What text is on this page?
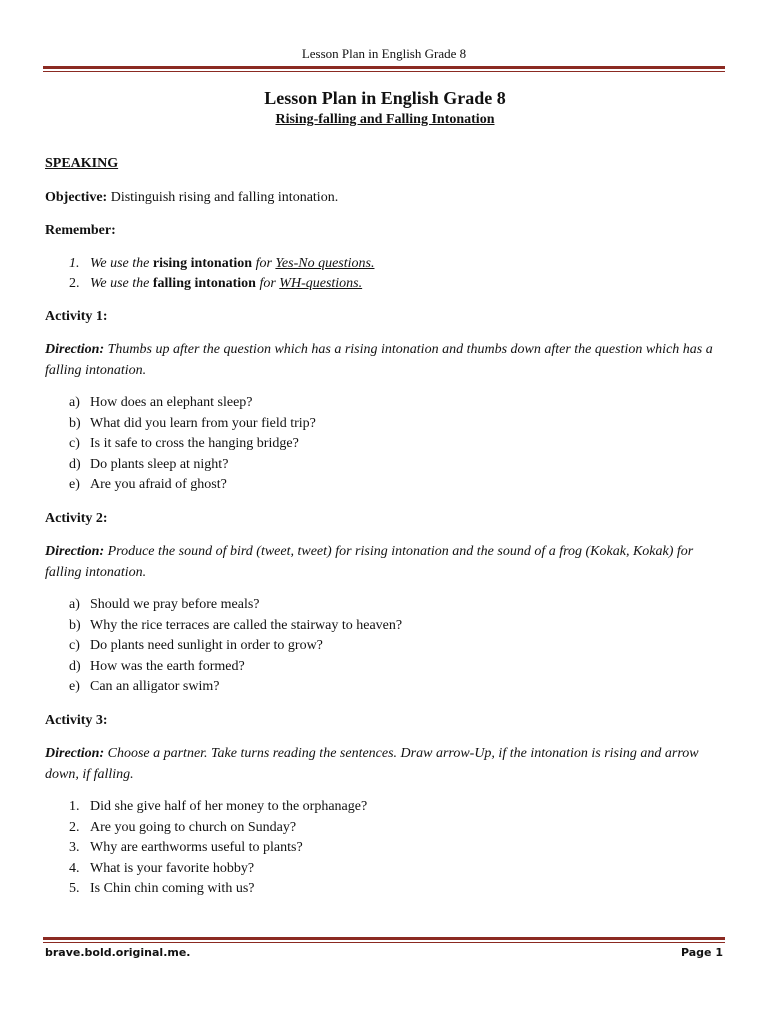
Lesson Plan in English Grade 8
Lesson Plan in English Grade 8
Rising-falling and Falling Intonation

SPEAKING

Objective: Distinguish rising and falling intonation.

Remember:

1. We use the rising intonation for Yes-No questions.
2. We use the falling intonation for WH-questions.

Activity 1:

Direction: Thumbs up after the question which has a rising intonation and thumbs down after the question which has a falling intonation.

a) How does an elephant sleep?
b) What did you learn from your field trip?
c) Is it safe to cross the hanging bridge?
d) Do plants sleep at night?
e) Are you afraid of ghost?

Activity 2:

Direction: Produce the sound of bird (tweet, tweet) for rising intonation and the sound of a frog (Kokak, Kokak) for falling intonation.

a) Should we pray before meals?
b) Why the rice terraces are called the stairway to heaven?
c) Do plants need sunlight in order to grow?
d) How was the earth formed?
e) Can an alligator swim?

Activity 3:

Direction: Choose a partner. Take turns reading the sentences. Draw arrow-Up, if the intonation is rising and arrow down, if falling.

1. Did she give half of her money to the orphanage?
2. Are you going to church on Sunday?
3. Why are earthworms useful to plants?
4. What is your favorite hobby?
5. Is Chin chin coming with us?
brave.bold.original.me.	Page 1
